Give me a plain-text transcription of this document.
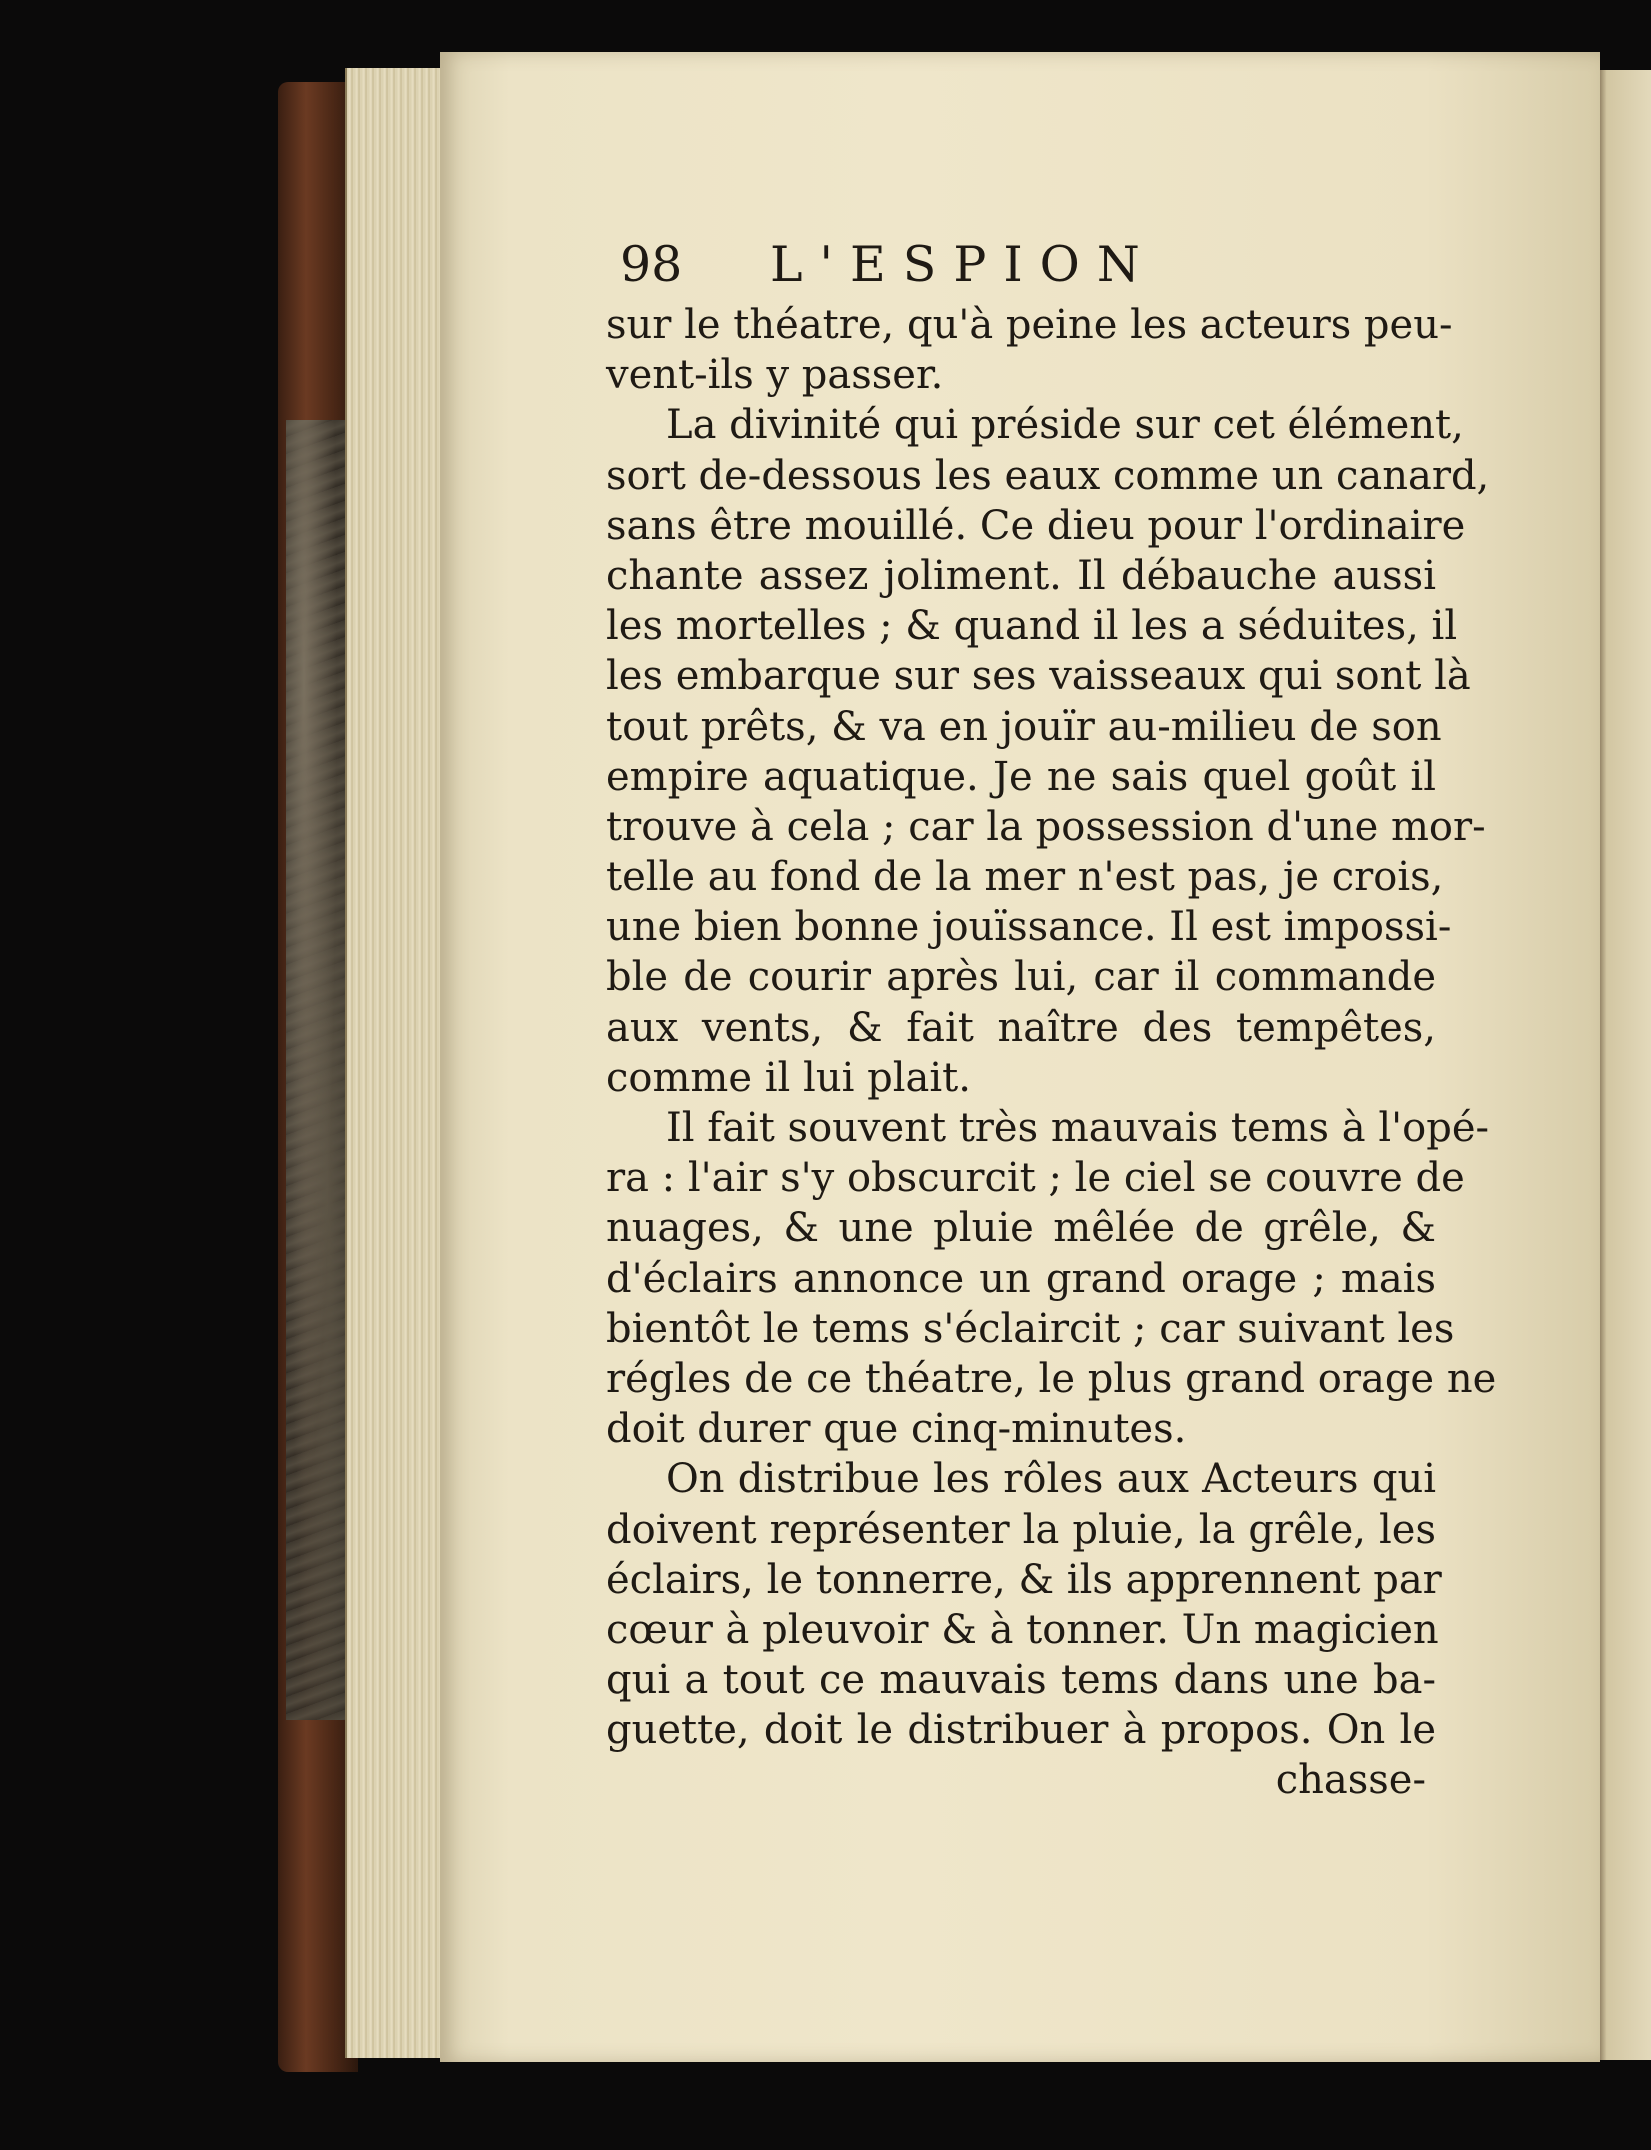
98 L'ESPION
sur le théatre, qu'à peine les acteurs peu-
vent-ils y passer.
La divinité qui préside sur cet élément,
sort de-dessous les eaux comme un canard,
sans être mouillé. Ce dieu pour l'ordinaire
chante assez joliment. Il débauche aussi
les mortelles ; & quand il les a séduites, il
les embarque sur ses vaisseaux qui sont là
tout prêts, & va en jouïr au-milieu de son
empire aquatique. Je ne sais quel goût il
trouve à cela ; car la possession d'une mor-
telle au fond de la mer n'est pas, je crois,
une bien bonne jouïssance. Il est impossi-
ble de courir après lui, car il commande
aux vents, & fait naître des tempêtes,
comme il lui plait.
Il fait souvent très mauvais tems à l'opé-
ra : l'air s'y obscurcit ; le ciel se couvre de
nuages, & une pluie mêlée de grêle, &
d'éclairs annonce un grand orage ; mais
bientôt le tems s'éclaircit ; car suivant les
régles de ce théatre, le plus grand orage ne
doit durer que cinq-minutes.
On distribue les rôles aux Acteurs qui
doivent représenter la pluie, la grêle, les
éclairs, le tonnerre, & ils apprennent par
cœur à pleuvoir & à tonner. Un magicien
qui a tout ce mauvais tems dans une ba-
guette, doit le distribuer à propos. On le
chasse-
